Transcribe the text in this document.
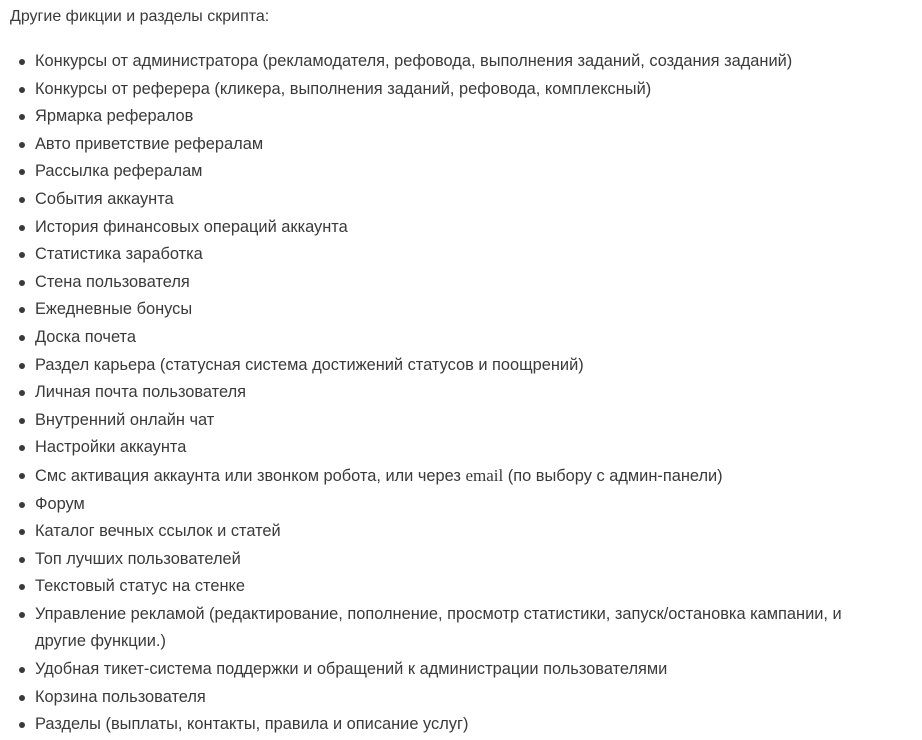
Другие фикции и разделы скрипта:

Конкурсы от администратора (рекламодателя, рефовода, выполнения заданий, создания заданий)
Конкурсы от реферера (кликера, выполнения заданий, рефовода, комплексный)
Ярмарка рефералов
Авто приветствие рефералам
Рассылка рефералам
События аккаунта
История финансовых операций аккаунта
Статистика заработка
Стена пользователя
Ежедневные бонусы
Доска почета
Раздел карьера (статусная система достижений статусов и поощрений)
Личная почта пользователя
Внутренний онлайн чат
Настройки аккаунта
Смс активация аккаунта или звонком робота, или через email (по выбору с админ-панели)
Форум
Каталог вечных ссылок и статей
Топ лучших пользователей
Текстовый статус на стенке
Управление рекламой (редактирование, пополнение, просмотр статистики, запуск/остановка кампании, и другие функции.)
Удобная тикет-система поддержки и обращений к администрации пользователями
Корзина пользователя
Разделы (выплаты, контакты, правила и описание услуг)
